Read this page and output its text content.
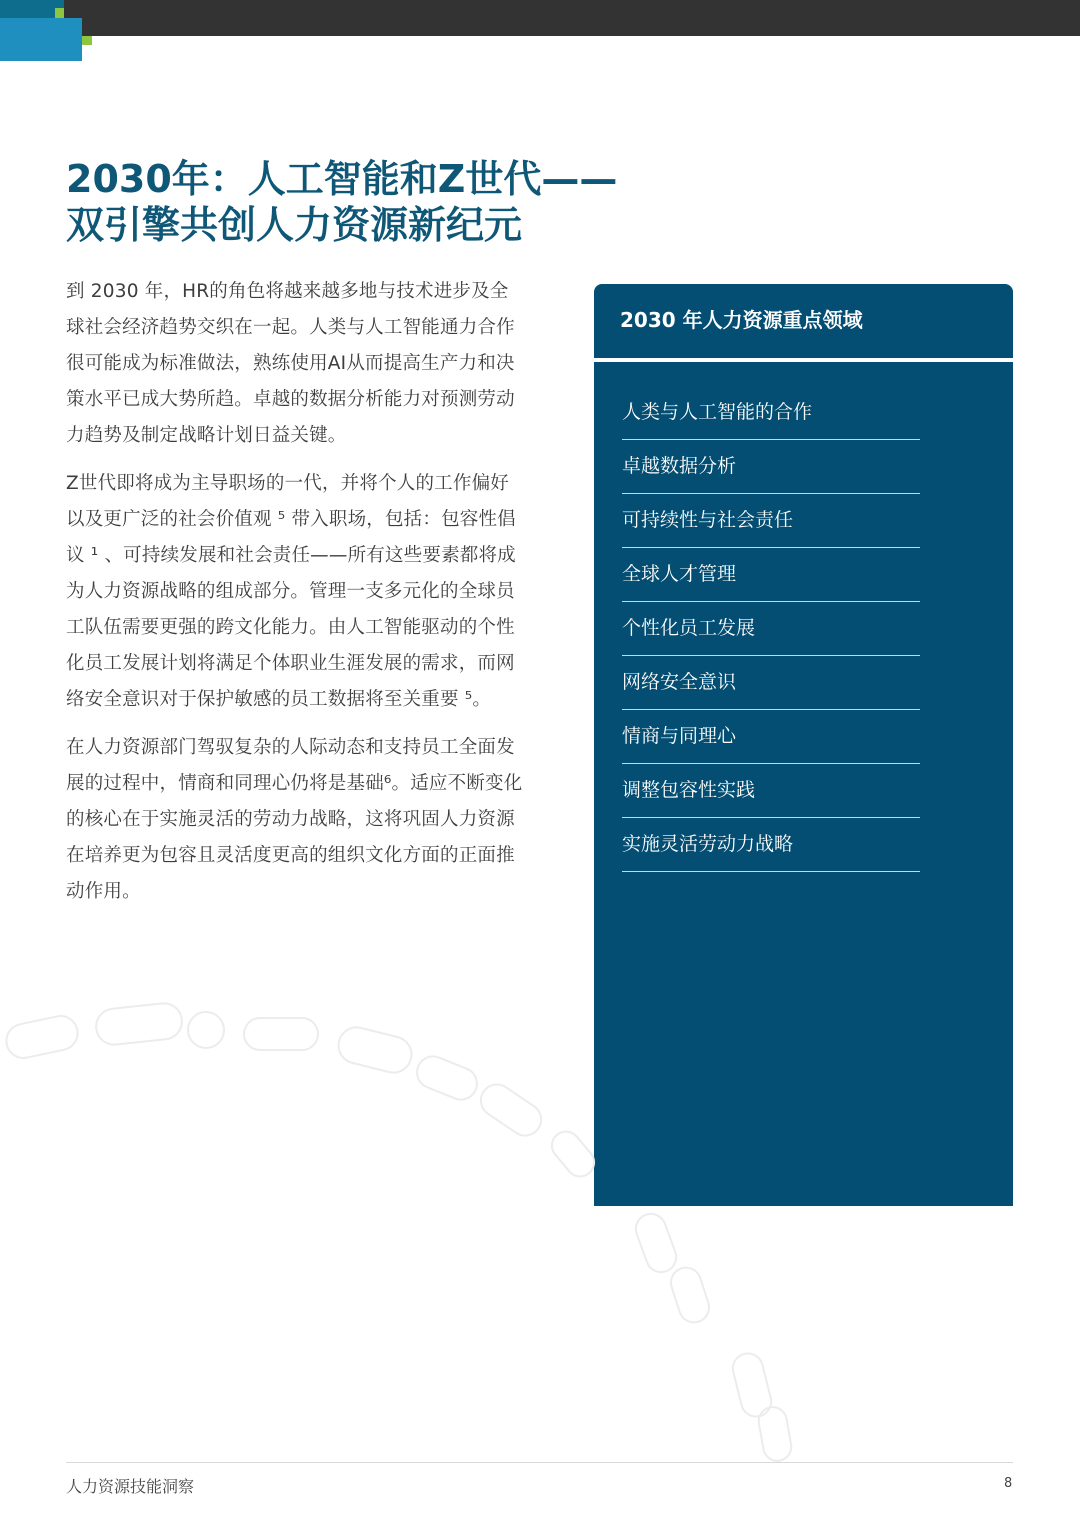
2030年：人工智能和Z世代——
双引擎共创人力资源新纪元

到 2030 年，HR的角色将越来越多地与技术进步及全球社会经济趋势交织在一起。人类与人工智能通力合作很可能成为标准做法，熟练使用AI从而提高生产力和决策水平已成大势所趋。卓越的数据分析能力对预测劳动力趋势及制定战略计划日益关键。

Z世代即将成为主导职场的一代，并将个人的工作偏好以及更广泛的社会价值观 ⁵ 带入职场，包括：包容性倡议 ¹ 、可持续发展和社会责任——所有这些要素都将成为人力资源战略的组成部分。管理一支多元化的全球员工队伍需要更强的跨文化能力。由人工智能驱动的个性化员工发展计划将满足个体职业生涯发展的需求，而网络安全意识对于保护敏感的员工数据将至关重要 ⁵。

在人力资源部门驾驭复杂的人际动态和支持员工全面发展的过程中，情商和同理心仍将是基础⁶。适应不断变化的核心在于实施灵活的劳动力战略，这将巩固人力资源在培养更为包容且灵活度更高的组织文化方面的正面推动作用。

2030 年人力资源重点领域
人类与人工智能的合作
卓越数据分析
可持续性与社会责任
全球人才管理
个性化员工发展
网络安全意识
情商与同理心
调整包容性实践
实施灵活劳动力战略
人力资源技能洞察	8
